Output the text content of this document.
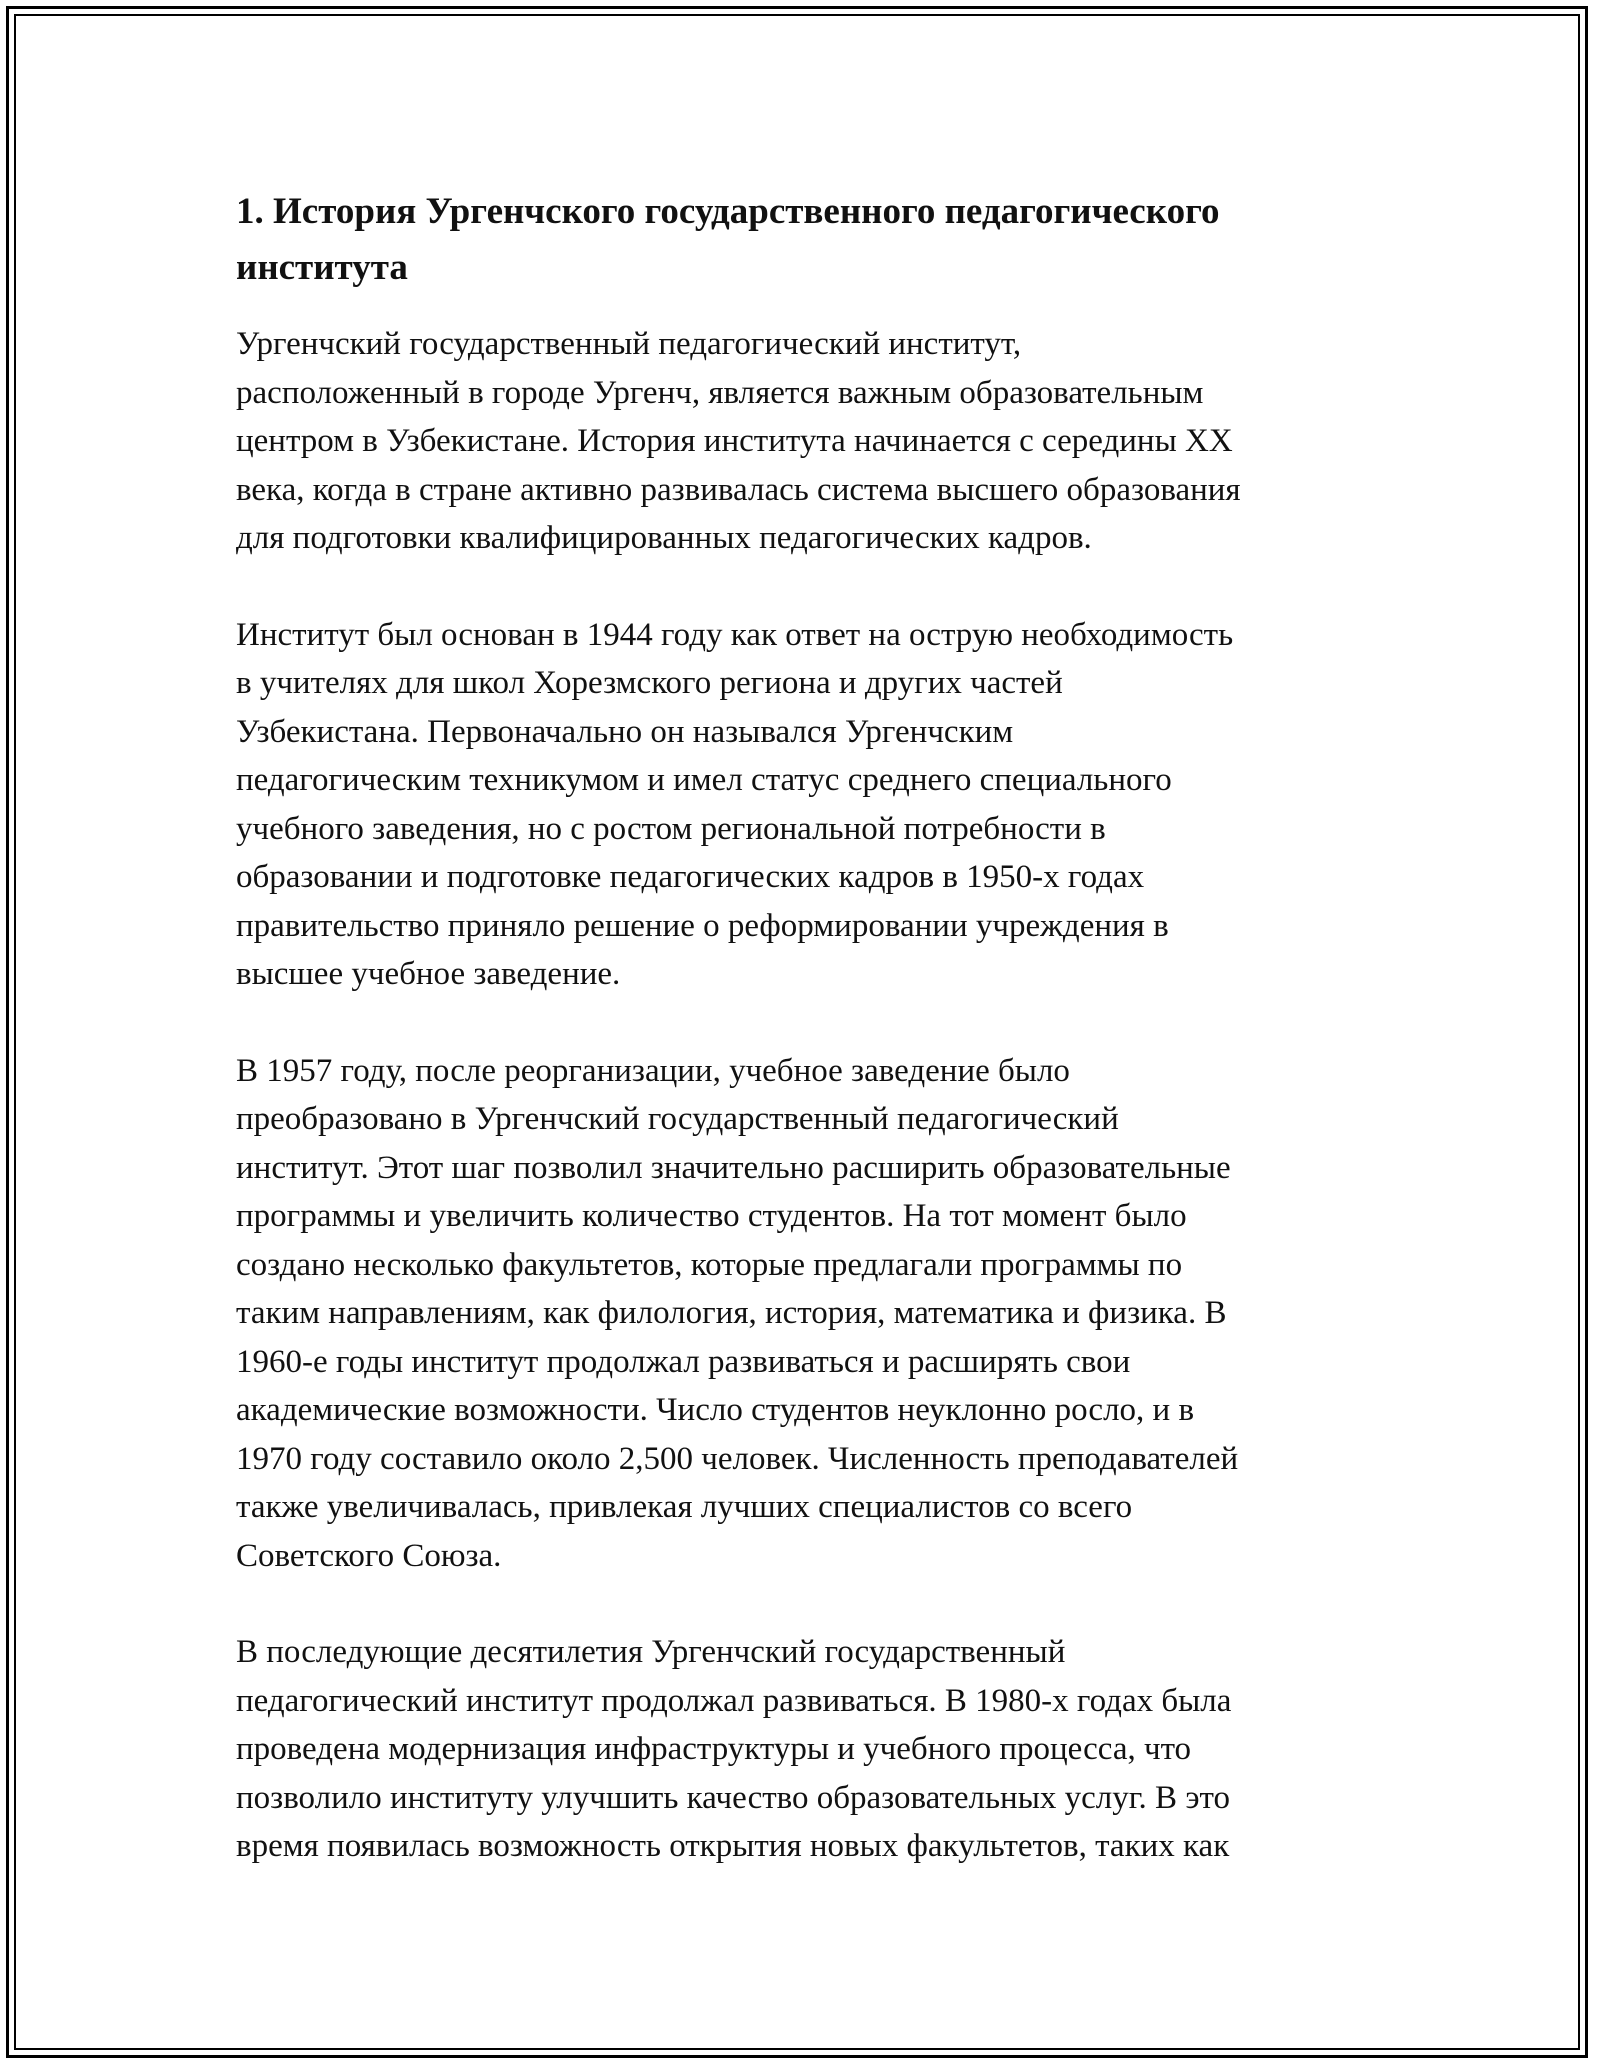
1. История Ургенчского государственного педагогического
института

Ургенчский государственный педагогический институт,
расположенный в городе Ургенч, является важным образовательным
центром в Узбекистане. История института начинается с середины XX
века, когда в стране активно развивалась система высшего образования
для подготовки квалифицированных педагогических кадров.

Институт был основан в 1944 году как ответ на острую необходимость
в учителях для школ Хорезмского региона и других частей
Узбекистана. Первоначально он назывался Ургенчским
педагогическим техникумом и имел статус среднего специального
учебного заведения, но с ростом региональной потребности в
образовании и подготовке педагогических кадров в 1950-х годах
правительство приняло решение о реформировании учреждения в
высшее учебное заведение.

В 1957 году, после реорганизации, учебное заведение было
преобразовано в Ургенчский государственный педагогический
институт. Этот шаг позволил значительно расширить образовательные
программы и увеличить количество студентов. На тот момент было
создано несколько факультетов, которые предлагали программы по
таким направлениям, как филология, история, математика и физика. В
1960-е годы институт продолжал развиваться и расширять свои
академические возможности. Число студентов неуклонно росло, и в
1970 году составило около 2,500 человек. Численность преподавателей
также увеличивалась, привлекая лучших специалистов со всего
Советского Союза.

В последующие десятилетия Ургенчский государственный
педагогический институт продолжал развиваться. В 1980-х годах была
проведена модернизация инфраструктуры и учебного процесса, что
позволило институту улучшить качество образовательных услуг. В это
время появилась возможность открытия новых факультетов, таких как
